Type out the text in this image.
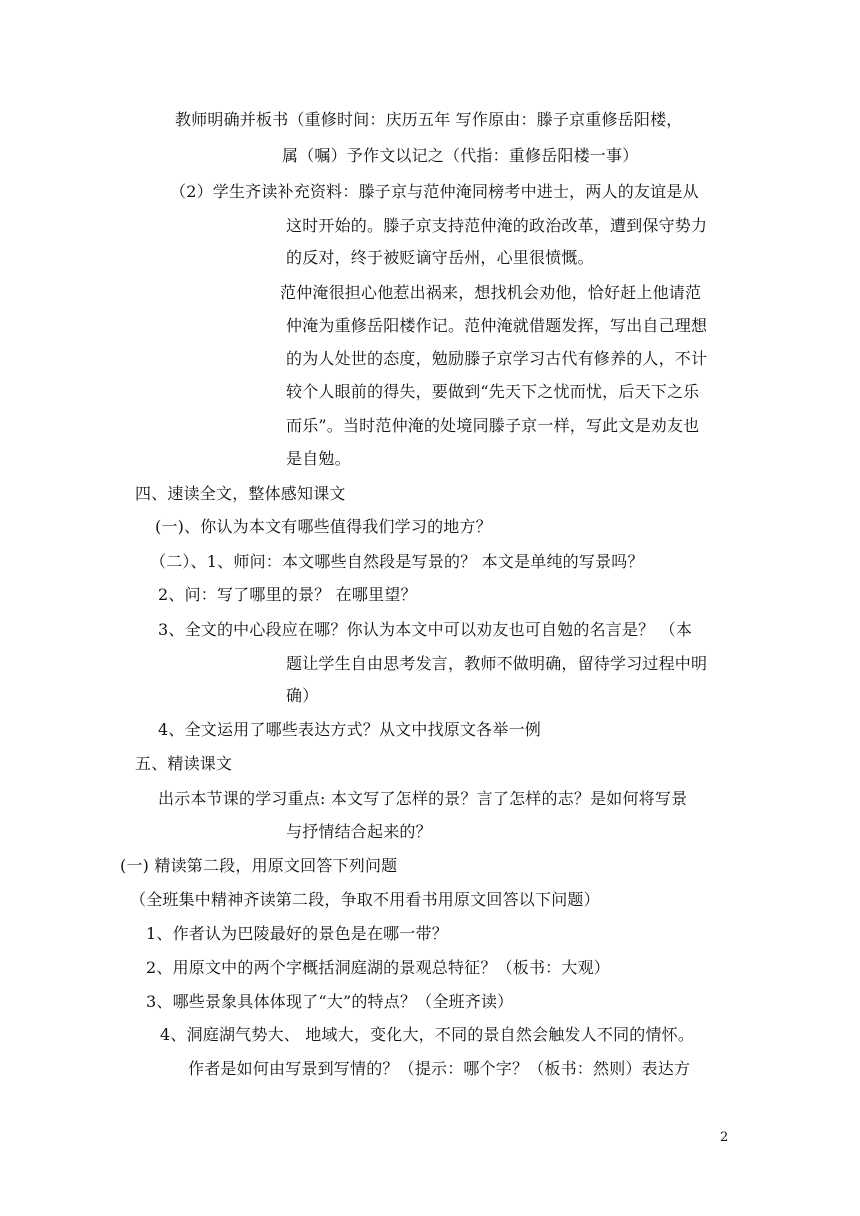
教师明确并板书（重修时间：庆历五年 写作原由：滕子京重修岳阳楼，
属（嘱）予作文以记之（代指：重修岳阳楼一事）
（2）学生齐读补充资料：滕子京与范仲淹同榜考中进士，两人的友谊是从
这时开始的。滕子京支持范仲淹的政治改革，遭到保守势力
的反对，终于被贬谪守岳州，心里很愤慨。
范仲淹很担心他惹出祸来，想找机会劝他，恰好赶上他请范
仲淹为重修岳阳楼作记。范仲淹就借题发挥，写出自己理想
的为人处世的态度，勉励滕子京学习古代有修养的人，不计
较个人眼前的得失，要做到“先天下之忧而忧，后天下之乐
而乐”。当时范仲淹的处境同滕子京一样，写此文是劝友也
是自勉。
四、速读全文，整体感知课文
(一)、你认为本文有哪些值得我们学习的地方？
（二）、1、师问：本文哪些自然段是写景的？ 本文是单纯的写景吗？
2、问：写了哪里的景？ 在哪里望？
3、全文的中心段应在哪？你认为本文中可以劝友也可自勉的名言是？ （本
题让学生自由思考发言，教师不做明确，留待学习过程中明
确）
4、全文运用了哪些表达方式？从文中找原文各举一例
五、精读课文
出示本节课的学习重点: 本文写了怎样的景？言了怎样的志？是如何将写景
与抒情结合起来的？
(一) 精读第二段，用原文回答下列问题
（全班集中精神齐读第二段，争取不用看书用原文回答以下问题）
1、作者认为巴陵最好的景色是在哪一带？
2、用原文中的两个字概括洞庭湖的景观总特征？（板书：大观）
3、哪些景象具体体现了“大”的特点？（全班齐读）
4、洞庭湖气势大、 地域大，变化大，不同的景自然会触发人不同的情怀。
作者是如何由写景到写情的？（提示：哪个字？（板书：然则）表达方
2
